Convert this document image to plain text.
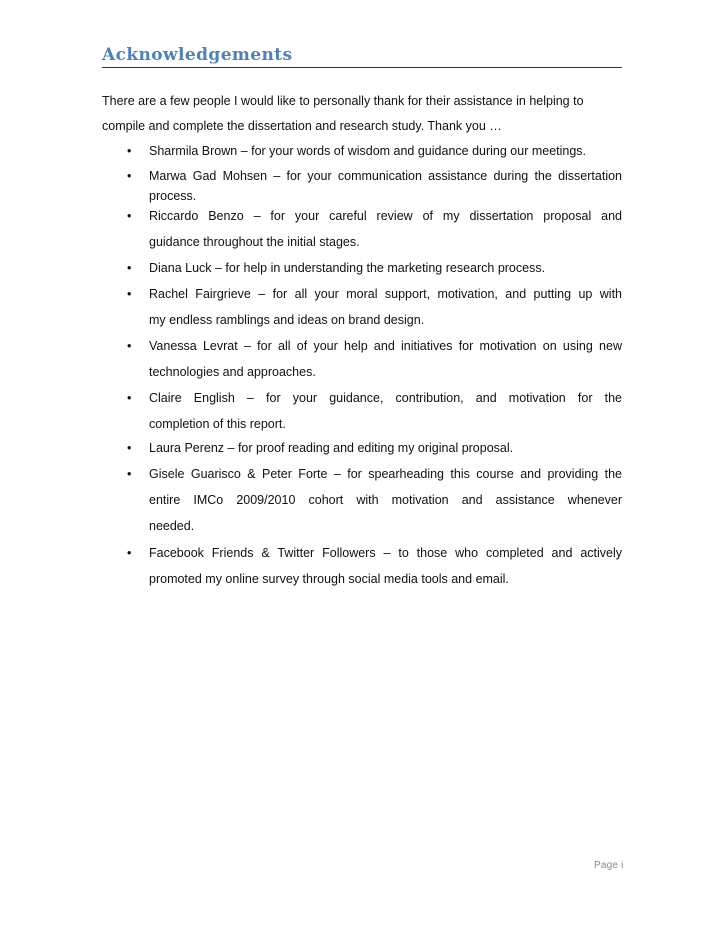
Acknowledgements

There are a few people I would like to personally thank for their assistance in helping to
compile and complete the dissertation and research study. Thank you …

• Sharmila Brown – for your words of wisdom and guidance during our meetings.
• Marwa Gad Mohsen – for your communication assistance during the dissertation
process.
• Riccardo Benzo – for your careful review of my dissertation proposal and
guidance throughout the initial stages.
• Diana Luck – for help in understanding the marketing research process.
• Rachel Fairgrieve – for all your moral support, motivation, and putting up with
my endless ramblings and ideas on brand design.
• Vanessa Levrat – for all of your help and initiatives for motivation on using new
technologies and approaches.
• Claire English – for your guidance, contribution, and motivation for the
completion of this report.
• Laura Perenz – for proof reading and editing my original proposal.
• Gisele Guarisco & Peter Forte – for spearheading this course and providing the
entire IMCo 2009/2010 cohort with motivation and assistance whenever
needed.
• Facebook Friends & Twitter Followers – to those who completed and actively
promoted my online survey through social media tools and email.
Page i
